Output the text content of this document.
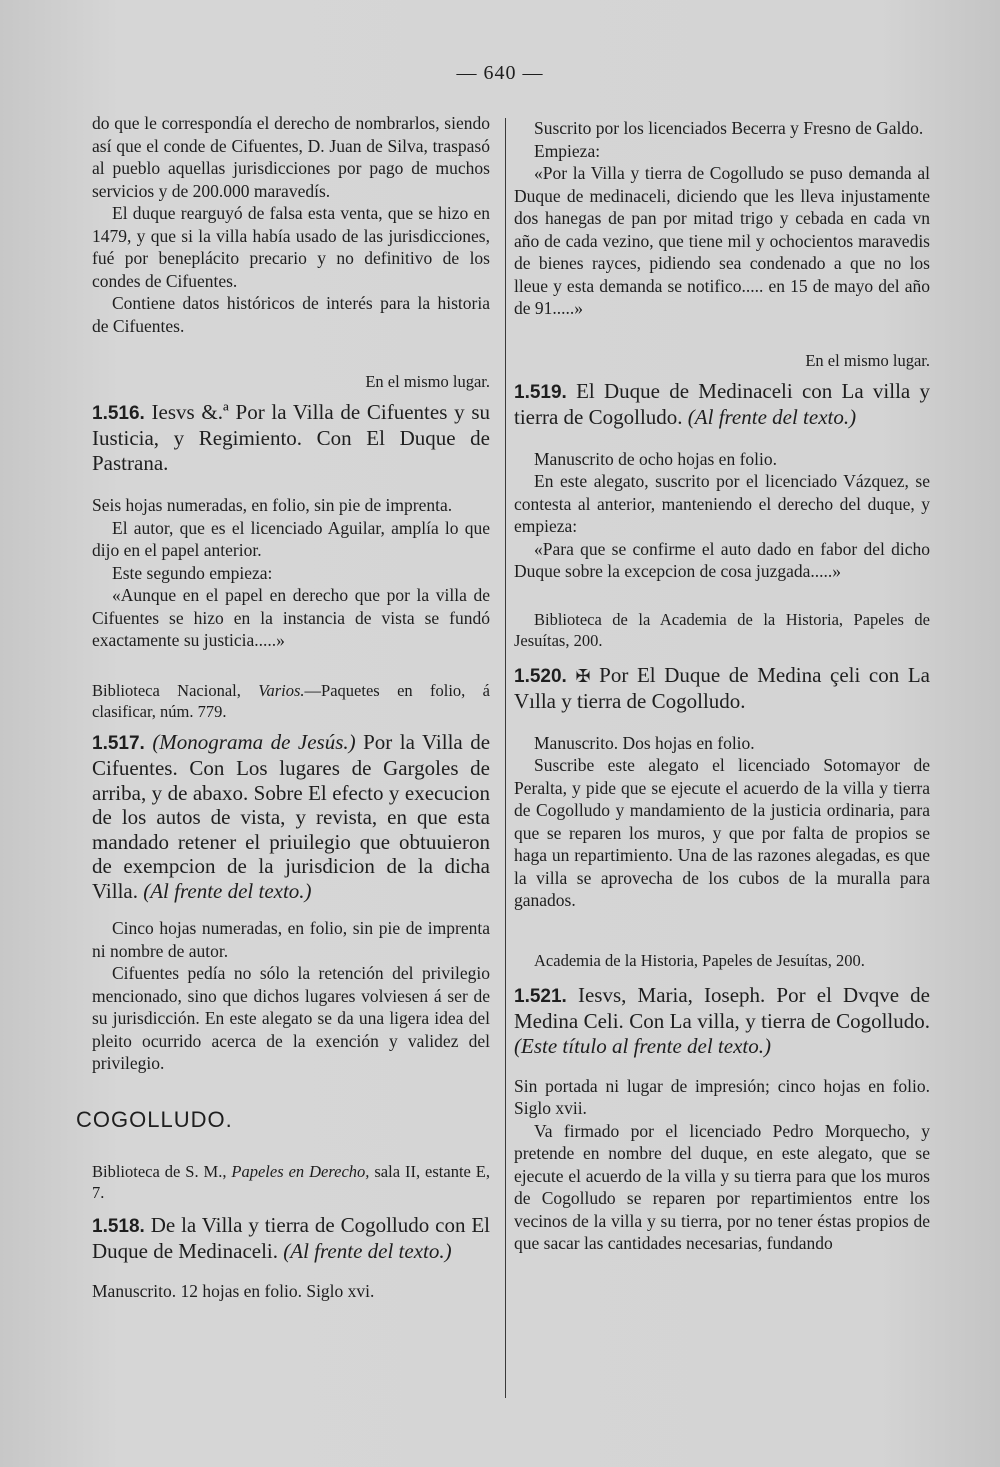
— 640 —

do que le correspondía el derecho de nombrarlos, siendo así que el conde de Cifuentes, D. Juan de Silva, traspasó al pueblo aquellas jurisdicciones por pago de muchos servicios y de 200.000 maravedís.

El duque rearguyó de falsa esta venta, que se hizo en 1479, y que si la villa había usado de las jurisdicciones, fué por beneplácito precario y no definitivo de los condes de Cifuentes.

Contiene datos históricos de interés para la historia de Cifuentes.

En el mismo lugar.

1.516. Iesvs &.ª Por la Villa de Cifuentes y su Iusticia, y Regimiento. Con El Duque de Pastrana.

Seis hojas numeradas, en folio, sin pie de imprenta.

El autor, que es el licenciado Aguilar, amplía lo que dijo en el papel anterior.

Este segundo empieza:

«Aunque en el papel en derecho que por la villa de Cifuentes se hizo en la instancia de vista se fundó exactamente su justicia.....»

Biblioteca Nacional, Varios.—Paquetes en folio, á clasificar, núm. 779.

1.517. (Monograma de Jesús.) Por la Villa de Cifuentes. Con Los lugares de Gargoles de arriba, y de abaxo. Sobre El efecto y execucion de los autos de vista, y revista, en que esta mandado retener el priuilegio que obtuuieron de exempcion de la jurisdicion de la dicha Villa. (Al frente del texto.)

Cinco hojas numeradas, en folio, sin pie de imprenta ni nombre de autor.

Cifuentes pedía no sólo la retención del privilegio mencionado, sino que dichos lugares volviesen á ser de su jurisdicción. En este alegato se da una ligera idea del pleito ocurrido acerca de la exención y validez del privilegio.

COGOLLUDO.

Biblioteca de S. M., Papeles en Derecho, sala II, estante E, 7.

1.518. De la Villa y tierra de Cogolludo con El Duque de Medinaceli. (Al frente del texto.)

Manuscrito. 12 hojas en folio. Siglo xvi.

Suscrito por los licenciados Becerra y Fresno de Galdo.

Empieza:

«Por la Villa y tierra de Cogolludo se puso demanda al Duque de medinaceli, diciendo que les lleva injustamente dos hanegas de pan por mitad trigo y cebada en cada vn año de cada vezino, que tiene mil y ochocientos maravedis de bienes rayces, pidiendo sea condenado a que no los lleue y esta demanda se notifico..... en 15 de mayo del año de 91.....»

En el mismo lugar.

1.519. El Duque de Medinaceli con La villa y tierra de Cogolludo. (Al frente del texto.)

Manuscrito de ocho hojas en folio.

En este alegato, suscrito por el licenciado Vázquez, se contesta al anterior, manteniendo el derecho del duque, y empieza:

«Para que se confirme el auto dado en fabor del dicho Duque sobre la excepcion de cosa juzgada.....»

Biblioteca de la Academia de la Historia, Papeles de Jesuítas, 200.

1.520. ✠ Por El Duque de Medina çeli con La Vılla y tierra de Cogolludo.

Manuscrito. Dos hojas en folio.

Suscribe este alegato el licenciado Sotomayor de Peralta, y pide que se ejecute el acuerdo de la villa y tierra de Cogolludo y mandamiento de la justicia ordinaria, para que se reparen los muros, y que por falta de propios se haga un repartimiento. Una de las razones alegadas, es que la villa se aprovecha de los cubos de la muralla para ganados.

Academia de la Historia, Papeles de Jesuítas, 200.

1.521. Iesvs, Maria, Ioseph. Por el Dvqve de Medina Celi. Con La villa, y tierra de Cogolludo. (Este título al frente del texto.)

Sin portada ni lugar de impresión; cinco hojas en folio. Siglo xvii.

Va firmado por el licenciado Pedro Morquecho, y pretende en nombre del duque, en este alegato, que se ejecute el acuerdo de la villa y su tierra para que los muros de Cogolludo se reparen por repartimientos entre los vecinos de la villa y su tierra, por no tener éstas propios de que sacar las cantidades necesarias, fundando
